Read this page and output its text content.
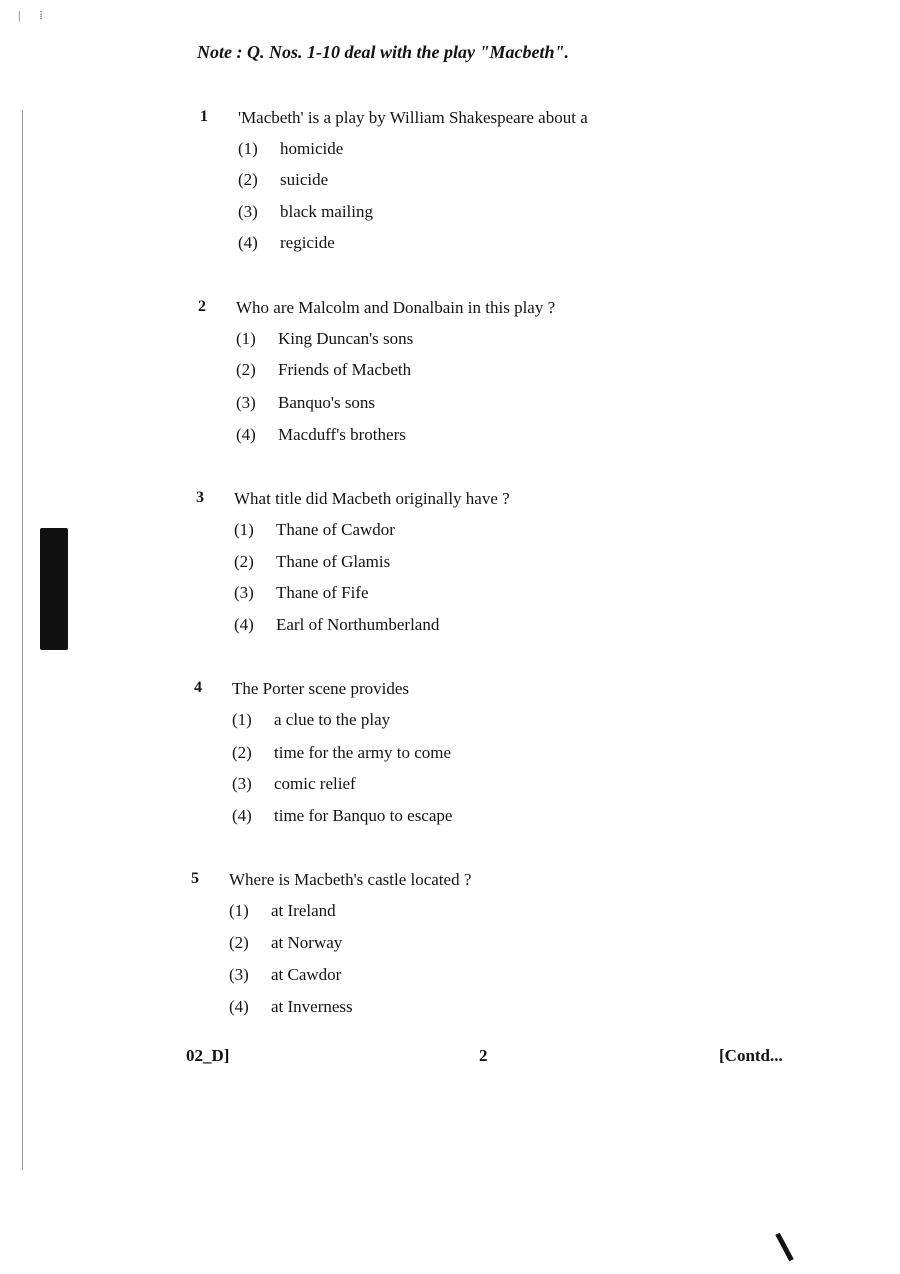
| ⁞
Note : Q. Nos. 1-10 deal with the play "Macbeth".
1 'Macbeth' is a play by William Shakespeare about a
(1) homicide
(2) suicide
(3) black mailing
(4) regicide
2 Who are Malcolm and Donalbain in this play ?
(1) King Duncan's sons
(2) Friends of Macbeth
(3) Banquo's sons
(4) Macduff's brothers
3 What title did Macbeth originally have ?
(1) Thane of Cawdor
(2) Thane of Glamis
(3) Thane of Fife
(4) Earl of Northumberland
4 The Porter scene provides
(1) a clue to the play
(2) time for the army to come
(3) comic relief
(4) time for Banquo to escape
5 Where is Macbeth's castle located ?
(1) at Ireland
(2) at Norway
(3) at Cawdor
(4) at Inverness
02_D]	2	[Contd...
